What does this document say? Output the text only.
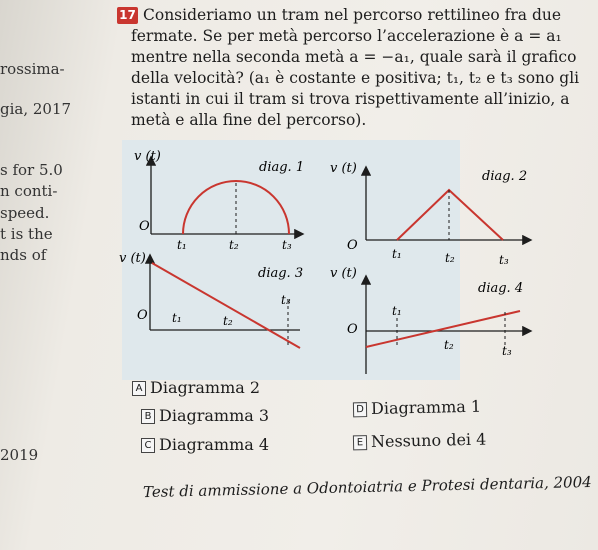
rossima-
gia, 2017
s for 5.0
n conti-
speed.
t is the
nds of
2019
17 Consideriamo un tram nel percorso rettilineo fra due
fermate. Se per metà percorso l’accelerazione è a = a₁
mentre nella seconda metà a = −a₁, quale sarà il grafico
della velocità? (a₁ è costante e positiva; t₁, t₂ e t₃ sono gli
istanti in cui il tram si trova rispettivamente all’inizio, a
metà e alla fine del percorso).
diag. 1
v (t)
O
t₁	t₂	t₃
diag. 2
v (t)
O
t₁	t₂	t₃
diag. 3
v (t)
O t₁	t₂
t₃
diag. 4
v (t)
O
t₁
t₂	t₃
A Diagramma 2
B Diagramma 3
C Diagramma 4
D Diagramma 1
E Nessuno dei 4
Test di ammissione a Odontoiatria e Protesi dentaria, 2004
